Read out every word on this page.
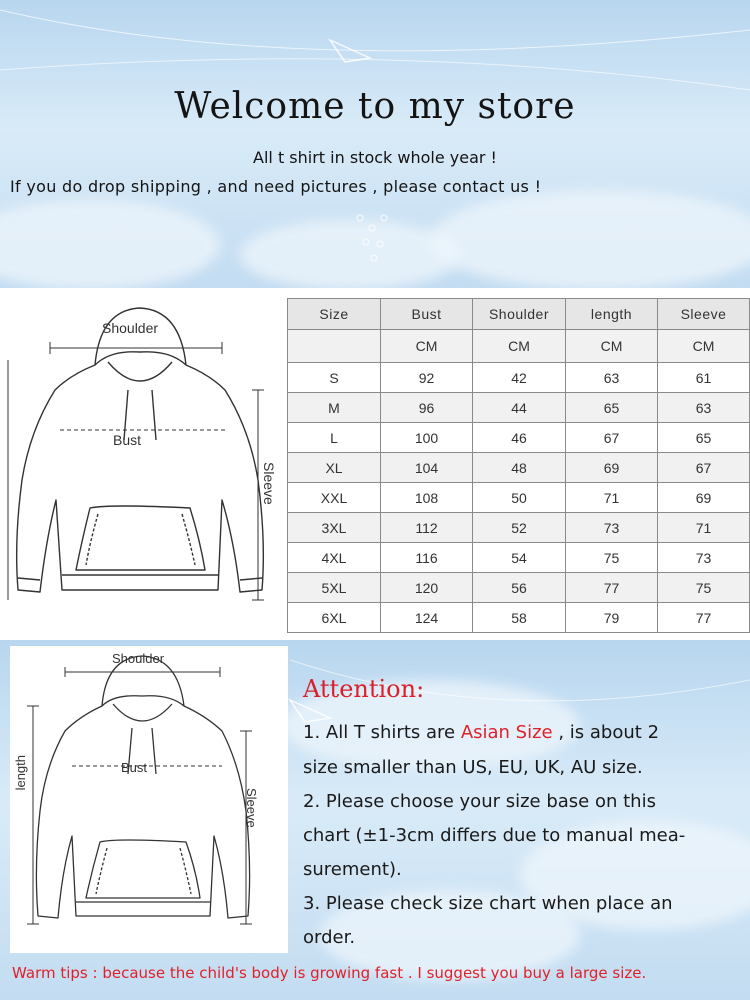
Welcome to my store
All t shirt in stock whole year !
If you do drop shipping , and need pictures , please contact us !
Shoulder
Bust
Sleeve
Size	Bust	Shoulder	length	Sleeve
	CM	CM	CM	CM
S	92	42	63	61
M	96	44	65	63
L	100	46	67	65
XL	104	48	69	67
XXL	108	50	71	69
3XL	112	52	73	71
4XL	116	54	75	73
5XL	120	56	77	75
6XL	124	58	79	77
Shoulder
Bust
length
Sleeve
Attention:
1. All T shirts are Asian Size , is about 2
size smaller than US, EU, UK, AU size.
2. Please choose your size base on this
chart (±1-3cm differs due to manual mea-
surement).
3. Please check size chart when place an
order.
Warm tips : because the child's body is growing fast . I suggest you buy a large size.
